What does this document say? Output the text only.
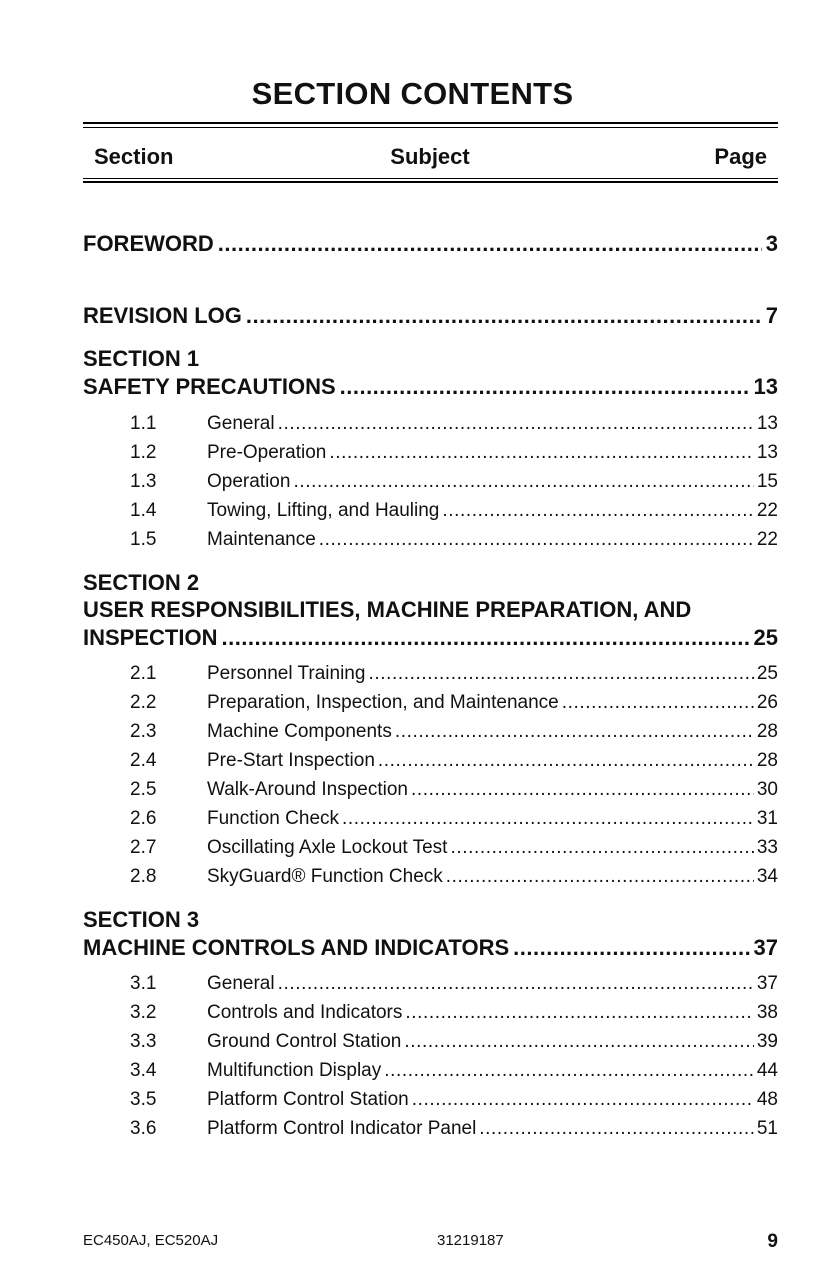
SECTION CONTENTS
Section	Subject	Page
FOREWORD .....	3
REVISION LOG .....	7
SECTION 1
SAFETY PRECAUTIONS .....	13
1.1	General .....	13
1.2	Pre-Operation .....	13
1.3	Operation .....	15
1.4	Towing, Lifting, and Hauling .....	22
1.5	Maintenance .....	22
SECTION 2
USER RESPONSIBILITIES, MACHINE PREPARATION, AND
INSPECTION .....	25
2.1	Personnel Training .....	25
2.2	Preparation, Inspection, and Maintenance .....	26
2.3	Machine Components .....	28
2.4	Pre-Start Inspection .....	28
2.5	Walk-Around Inspection .....	30
2.6	Function Check .....	31
2.7	Oscillating Axle Lockout Test .....	33
2.8	SkyGuard® Function Check .....	34
SECTION 3
MACHINE CONTROLS AND INDICATORS .....	37
3.1	General .....	37
3.2	Controls and Indicators .....	38
3.3	Ground Control Station .....	39
3.4	Multifunction Display .....	44
3.5	Platform Control Station .....	48
3.6	Platform Control Indicator Panel .....	51
EC450AJ, EC520AJ	31219187	9
